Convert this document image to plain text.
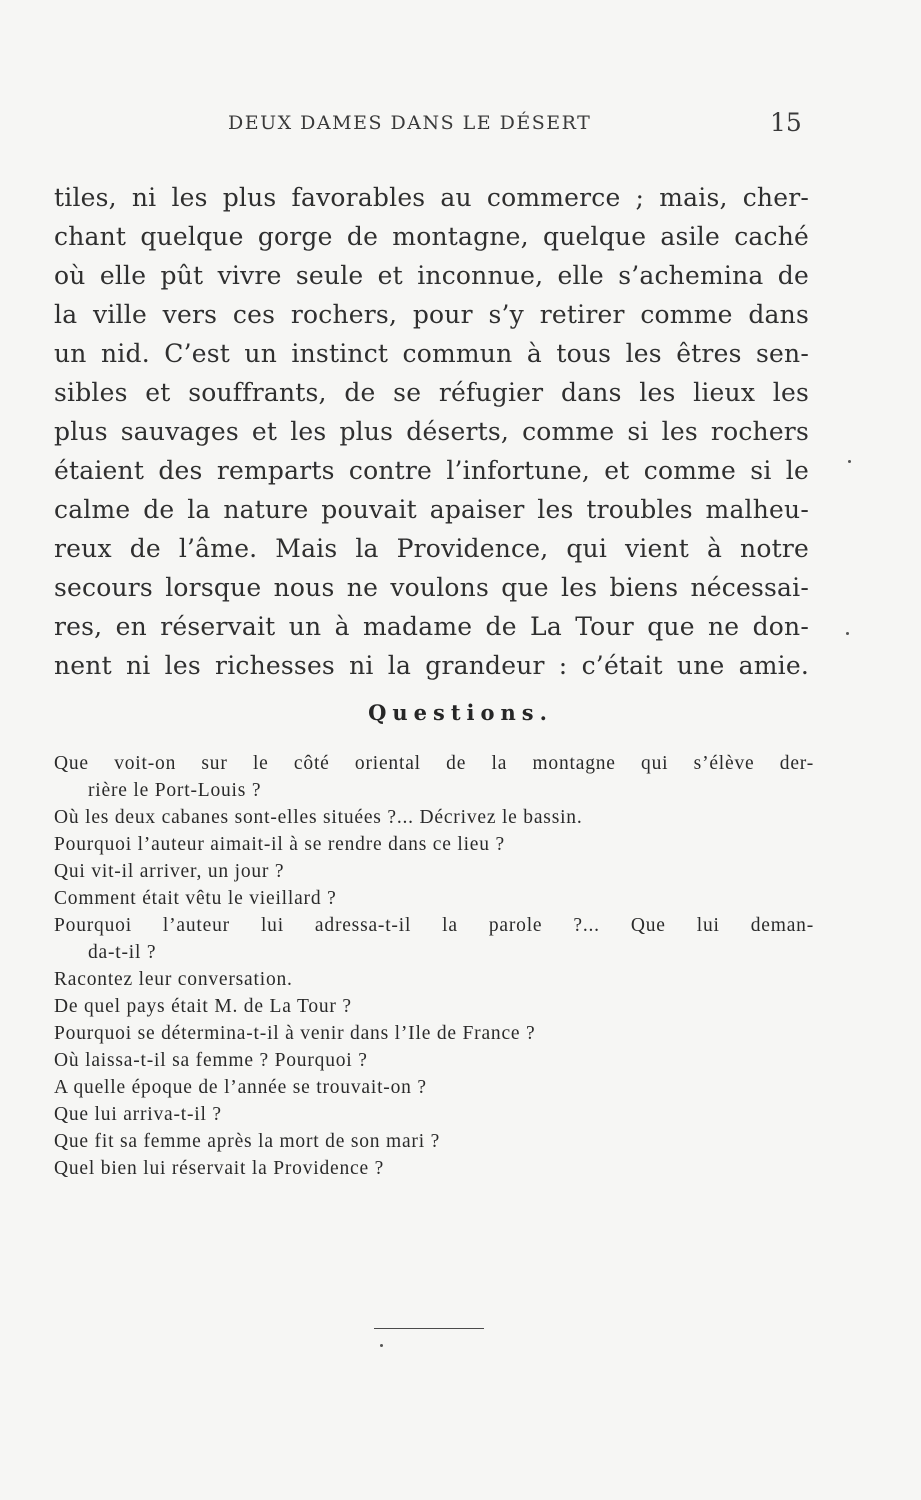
DEUX DAMES DANS LE DÉSERT	15
tiles, ni les plus favorables au commerce ; mais, cher-
chant quelque gorge de montagne, quelque asile caché
où elle pût vivre seule et inconnue, elle s’achemina de
la ville vers ces rochers, pour s’y retirer comme dans
un nid. C’est un instinct commun à tous les êtres sen-
sibles et souffrants, de se réfugier dans les lieux les
plus sauvages et les plus déserts, comme si les rochers
étaient des remparts contre l’infortune, et comme si le
calme de la nature pouvait apaiser les troubles malheu-
reux de l’âme. Mais la Providence, qui vient à notre
secours lorsque nous ne voulons que les biens nécessai-
res, en réservait un à madame de La Tour que ne don-
nent ni les richesses ni la grandeur : c’était une amie.
Questions.
Que voit-on sur le côté oriental de la montagne qui s’élève der-
rière le Port-Louis ?
Où les deux cabanes sont-elles situées ?... Décrivez le bassin.
Pourquoi l’auteur aimait-il à se rendre dans ce lieu ?
Qui vit-il arriver, un jour ?
Comment était vêtu le vieillard ?
Pourquoi l’auteur lui adressa-t-il la parole ?... Que lui deman-
da-t-il ?
Racontez leur conversation.
De quel pays était M. de La Tour ?
Pourquoi se détermina-t-il à venir dans l’Ile de France ?
Où laissa-t-il sa femme ? Pourquoi ?
A quelle époque de l’année se trouvait-on ?
Que lui arriva-t-il ?
Que fit sa femme après la mort de son mari ?
Quel bien lui réservait la Providence ?
